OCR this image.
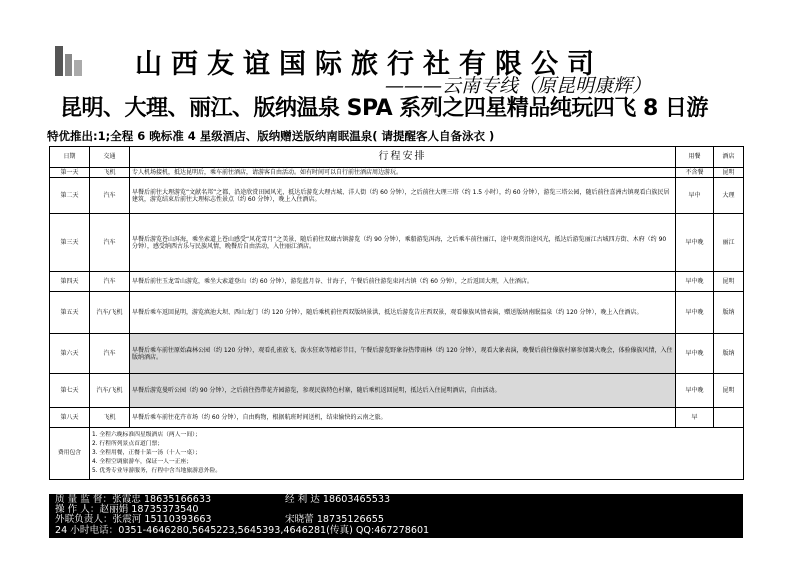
山西友谊国际旅行社有限公司
———云南专线（原昆明康辉）
昆明、大理、丽江、版纳温泉 SPA 系列之四星精品纯玩四飞 8 日游
特优推出:1;全程 6 晚标准 4 星级酒店、版纳赠送版纳南眠温泉( 请提醒客人自备泳衣 )
日期	交通	行程安排	用餐	酒店
第一天	飞机	专人机场接机，抵达昆明后，乘车前往酒店，请游客自由活动。如有时间可以自行前往酒店周边游玩。	不含餐	昆明
第二天	汽车	早餐后前往大理游览“文献名邦”之都，沿途欣赏田园风光，抵达后游览大理古城、洋人街（约 60 分钟），之后前往大理三塔（约 1.5 小时），约 60 分钟），游览三塔公园，随后前往喜洲古镇观看白族民居建筑，游览结束后前往大理标志性景点（约 60 分钟），晚上入住酒店。	早中	大理
第三天	汽车	早餐后游览苍山洱海，乘坐索道上苍山感受“风花雪月”之美景，随后前往双廊古镇游览（约 90 分钟），乘船游览洱海，之后乘车前往丽江，途中观赏沿途风光，抵达后游览丽江古城四方街、木府（约 90 分钟），感受纳西古乐与民族风情，晚餐后自由活动，入住丽江酒店。	早中晚	丽江
第四天	汽车	早餐后前往玉龙雪山游览，乘坐大索道登山（约 60 分钟），游览蓝月谷、甘海子，午餐后前往游览束河古镇（约 60 分钟），之后返回大理，入住酒店。	早中晚	昆明
第五天	汽车/飞机	早餐后乘车返回昆明，游览滇池大坝、西山龙门（约 120 分钟），随后乘机前往西双版纳景洪，抵达后游览告庄西双景，观看傣族风情表演，赠送版纳南眠温泉（约 120 分钟），晚上入住酒店。	早中晚	版纳
第六天	汽车	早餐后乘车前往原始森林公园（约 120 分钟），观看孔雀放飞、泼水狂欢等精彩节目，午餐后游览野象谷热带雨林（约 120 分钟），观看大象表演，晚餐后前往傣族村寨参加篝火晚会，体验傣族风情，入住版纳酒店。	早中晚	版纳
第七天	汽车/飞机	早餐后游览曼听公园（约 90 分钟），之后前往热带花卉园游览，参观民族特色村寨，随后乘机返回昆明，抵达后入住昆明酒店，自由活动。	早中晚	昆明
第八天	飞机	早餐后乘车前往花卉市场（约 60 分钟），自由购物，根据航班时间送机，结束愉快的云南之旅。	早	
费用包含	1. 全程六晚标准四星级酒店（两人一间）；
2. 行程所列景点首道门票；
3. 全程用餐，正餐十菜一汤（十人一桌）；
4. 全程空调旅游车，保证一人一正座；
5. 优秀专业导游服务，行程中含当地旅游意外险。			
质 量 监 督：张霞忠 18635166633	经 利 达 18603465533
操 作 人：赵丽娟 18735373540
外联负责人：张震河 15110393663	宋晓蕾 18735126655
24 小时电话：0351-4646280,5645223,5645393,4646281(传真) QQ:467278601
